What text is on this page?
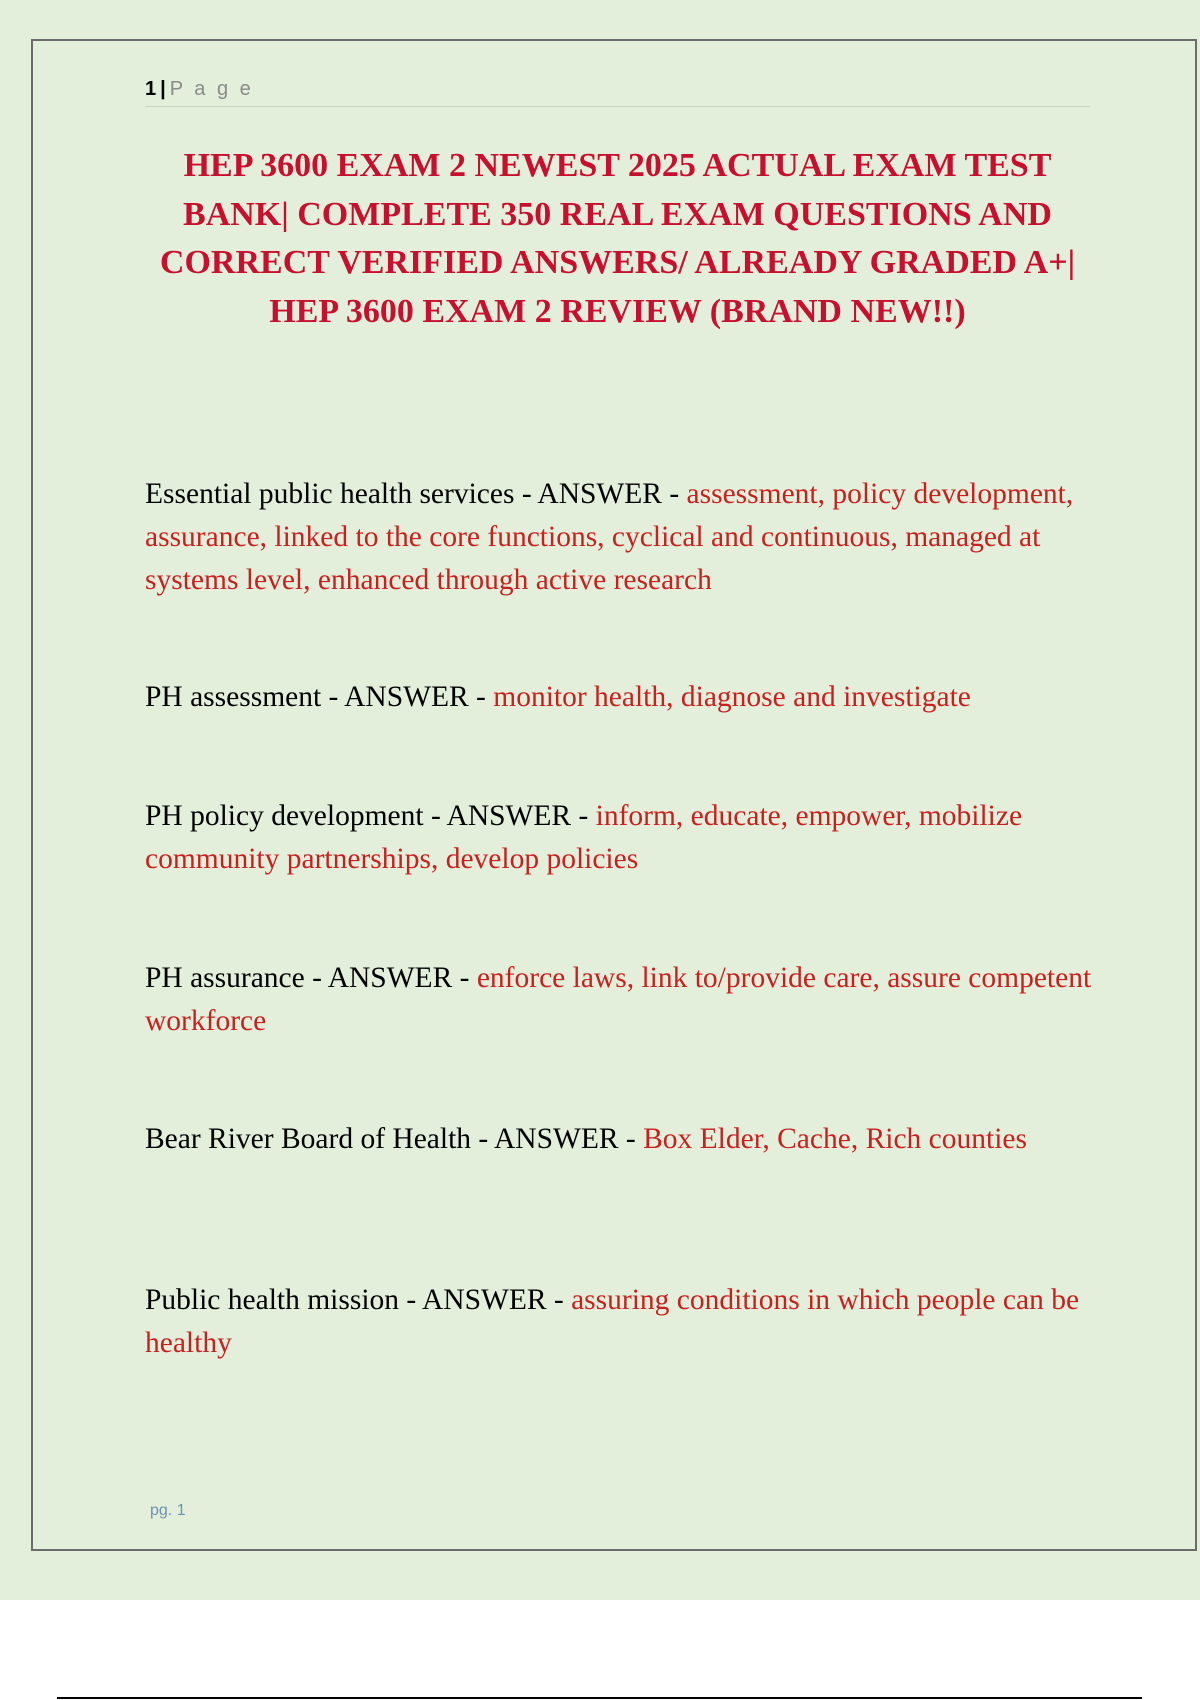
1 | P a g e
HEP 3600 EXAM 2 NEWEST 2025 ACTUAL EXAM TEST BANK| COMPLETE 350 REAL EXAM QUESTIONS AND CORRECT VERIFIED ANSWERS/ ALREADY GRADED A+| HEP 3600 EXAM 2 REVIEW (BRAND NEW!!)

Essential public health services - ANSWER - assessment, policy development, assurance, linked to the core functions, cyclical and continuous, managed at systems level, enhanced through active research

PH assessment - ANSWER - monitor health, diagnose and investigate

PH policy development - ANSWER - inform, educate, empower, mobilize community partnerships, develop policies

PH assurance - ANSWER - enforce laws, link to/provide care, assure competent workforce

Bear River Board of Health - ANSWER - Box Elder, Cache, Rich counties

Public health mission - ANSWER - assuring conditions in which people can be healthy

pg. 1
